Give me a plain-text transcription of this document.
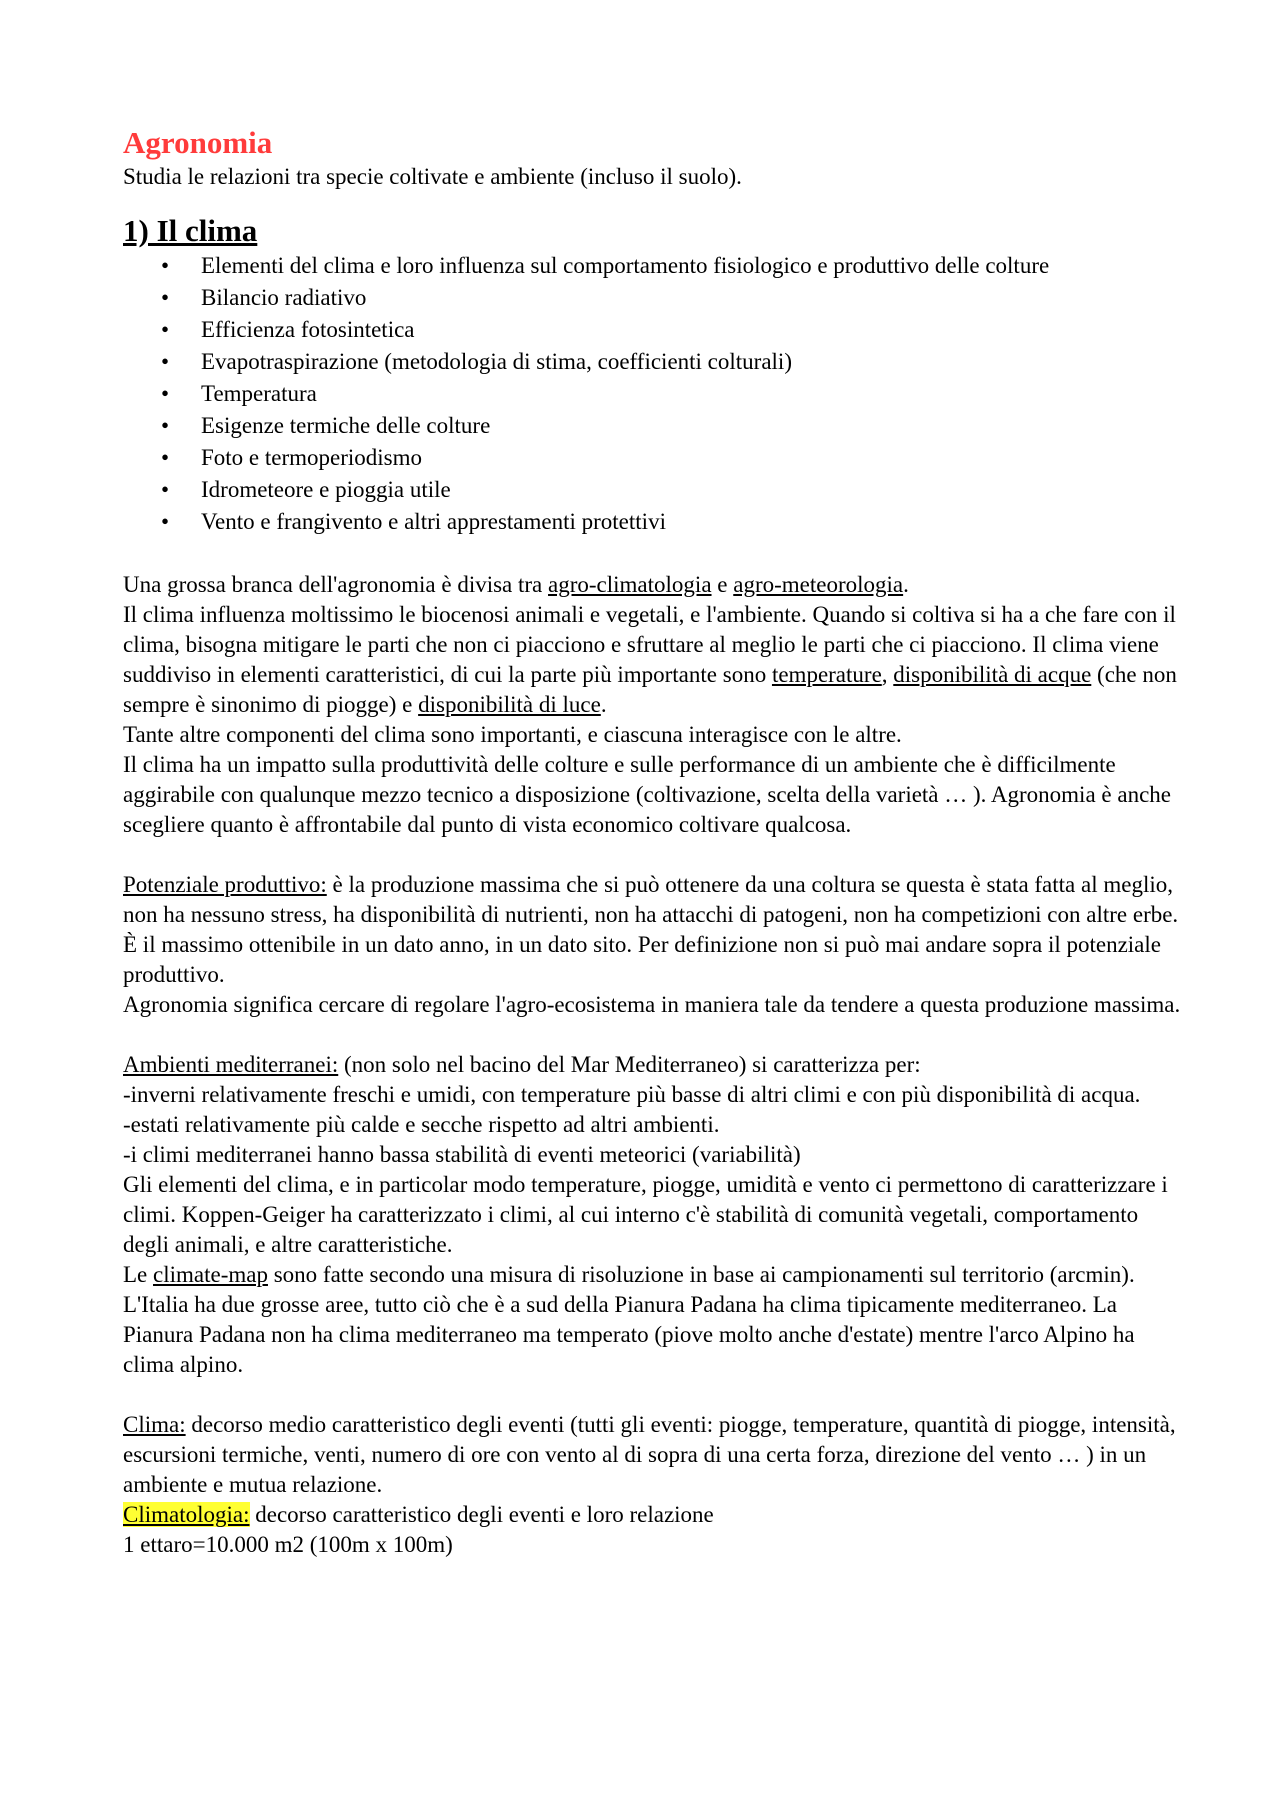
Agronomia

Studia le relazioni tra specie coltivate e ambiente (incluso il suolo).

1) Il clima
• Elementi del clima e loro influenza sul comportamento fisiologico e produttivo delle colture
• Bilancio radiativo
• Efficienza fotosintetica
• Evapotraspirazione (metodologia di stima, coefficienti colturali)
• Temperatura
• Esigenze termiche delle colture
• Foto e termoperiodismo
• Idrometeore e pioggia utile
• Vento e frangivento e altri apprestamenti protettivi

Una grossa branca dell'agronomia è divisa tra agro-climatologia e agro-meteorologia.

Il clima influenza moltissimo le biocenosi animali e vegetali, e l'ambiente. Quando si coltiva si ha a che fare con il clima, bisogna mitigare le parti che non ci piacciono e sfruttare al meglio le parti che ci piacciono. Il clima viene suddiviso in elementi caratteristici, di cui la parte più importante sono temperature, disponibilità di acque (che non sempre è sinonimo di piogge) e disponibilità di luce.

Tante altre componenti del clima sono importanti, e ciascuna interagisce con le altre.

Il clima ha un impatto sulla produttività delle colture e sulle performance di un ambiente che è difficilmente aggirabile con qualunque mezzo tecnico a disposizione (coltivazione, scelta della varietà … ). Agronomia è anche scegliere quanto è affrontabile dal punto di vista economico coltivare qualcosa.

Potenziale produttivo: è la produzione massima che si può ottenere da una coltura se questa è stata fatta al meglio, non ha nessuno stress, ha disponibilità di nutrienti, non ha attacchi di patogeni, non ha competizioni con altre erbe. È il massimo ottenibile in un dato anno, in un dato sito. Per definizione non si può mai andare sopra il potenziale produttivo.

Agronomia significa cercare di regolare l'agro-ecosistema in maniera tale da tendere a questa produzione massima.

Ambienti mediterranei: (non solo nel bacino del Mar Mediterraneo) si caratterizza per:

-inverni relativamente freschi e umidi, con temperature più basse di altri climi e con più disponibilità di acqua.

-estati relativamente più calde e secche rispetto ad altri ambienti.

-i climi mediterranei hanno bassa stabilità di eventi meteorici (variabilità)

Gli elementi del clima, e in particolar modo temperature, piogge, umidità e vento ci permettono di caratterizzare i climi. Koppen-Geiger ha caratterizzato i climi, al cui interno c'è stabilità di comunità vegetali, comportamento degli animali, e altre caratteristiche.

Le climate-map sono fatte secondo una misura di risoluzione in base ai campionamenti sul territorio (arcmin).

L'Italia ha due grosse aree, tutto ciò che è a sud della Pianura Padana ha clima tipicamente mediterraneo. La Pianura Padana non ha clima mediterraneo ma temperato (piove molto anche d'estate) mentre l'arco Alpino ha clima alpino.

Clima: decorso medio caratteristico degli eventi (tutti gli eventi: piogge, temperature, quantità di piogge, intensità, escursioni termiche, venti, numero di ore con vento al di sopra di una certa forza, direzione del vento … ) in un ambiente e mutua relazione.

Climatologia: decorso caratteristico degli eventi e loro relazione

1 ettaro=10.000 m2 (100m x 100m)
